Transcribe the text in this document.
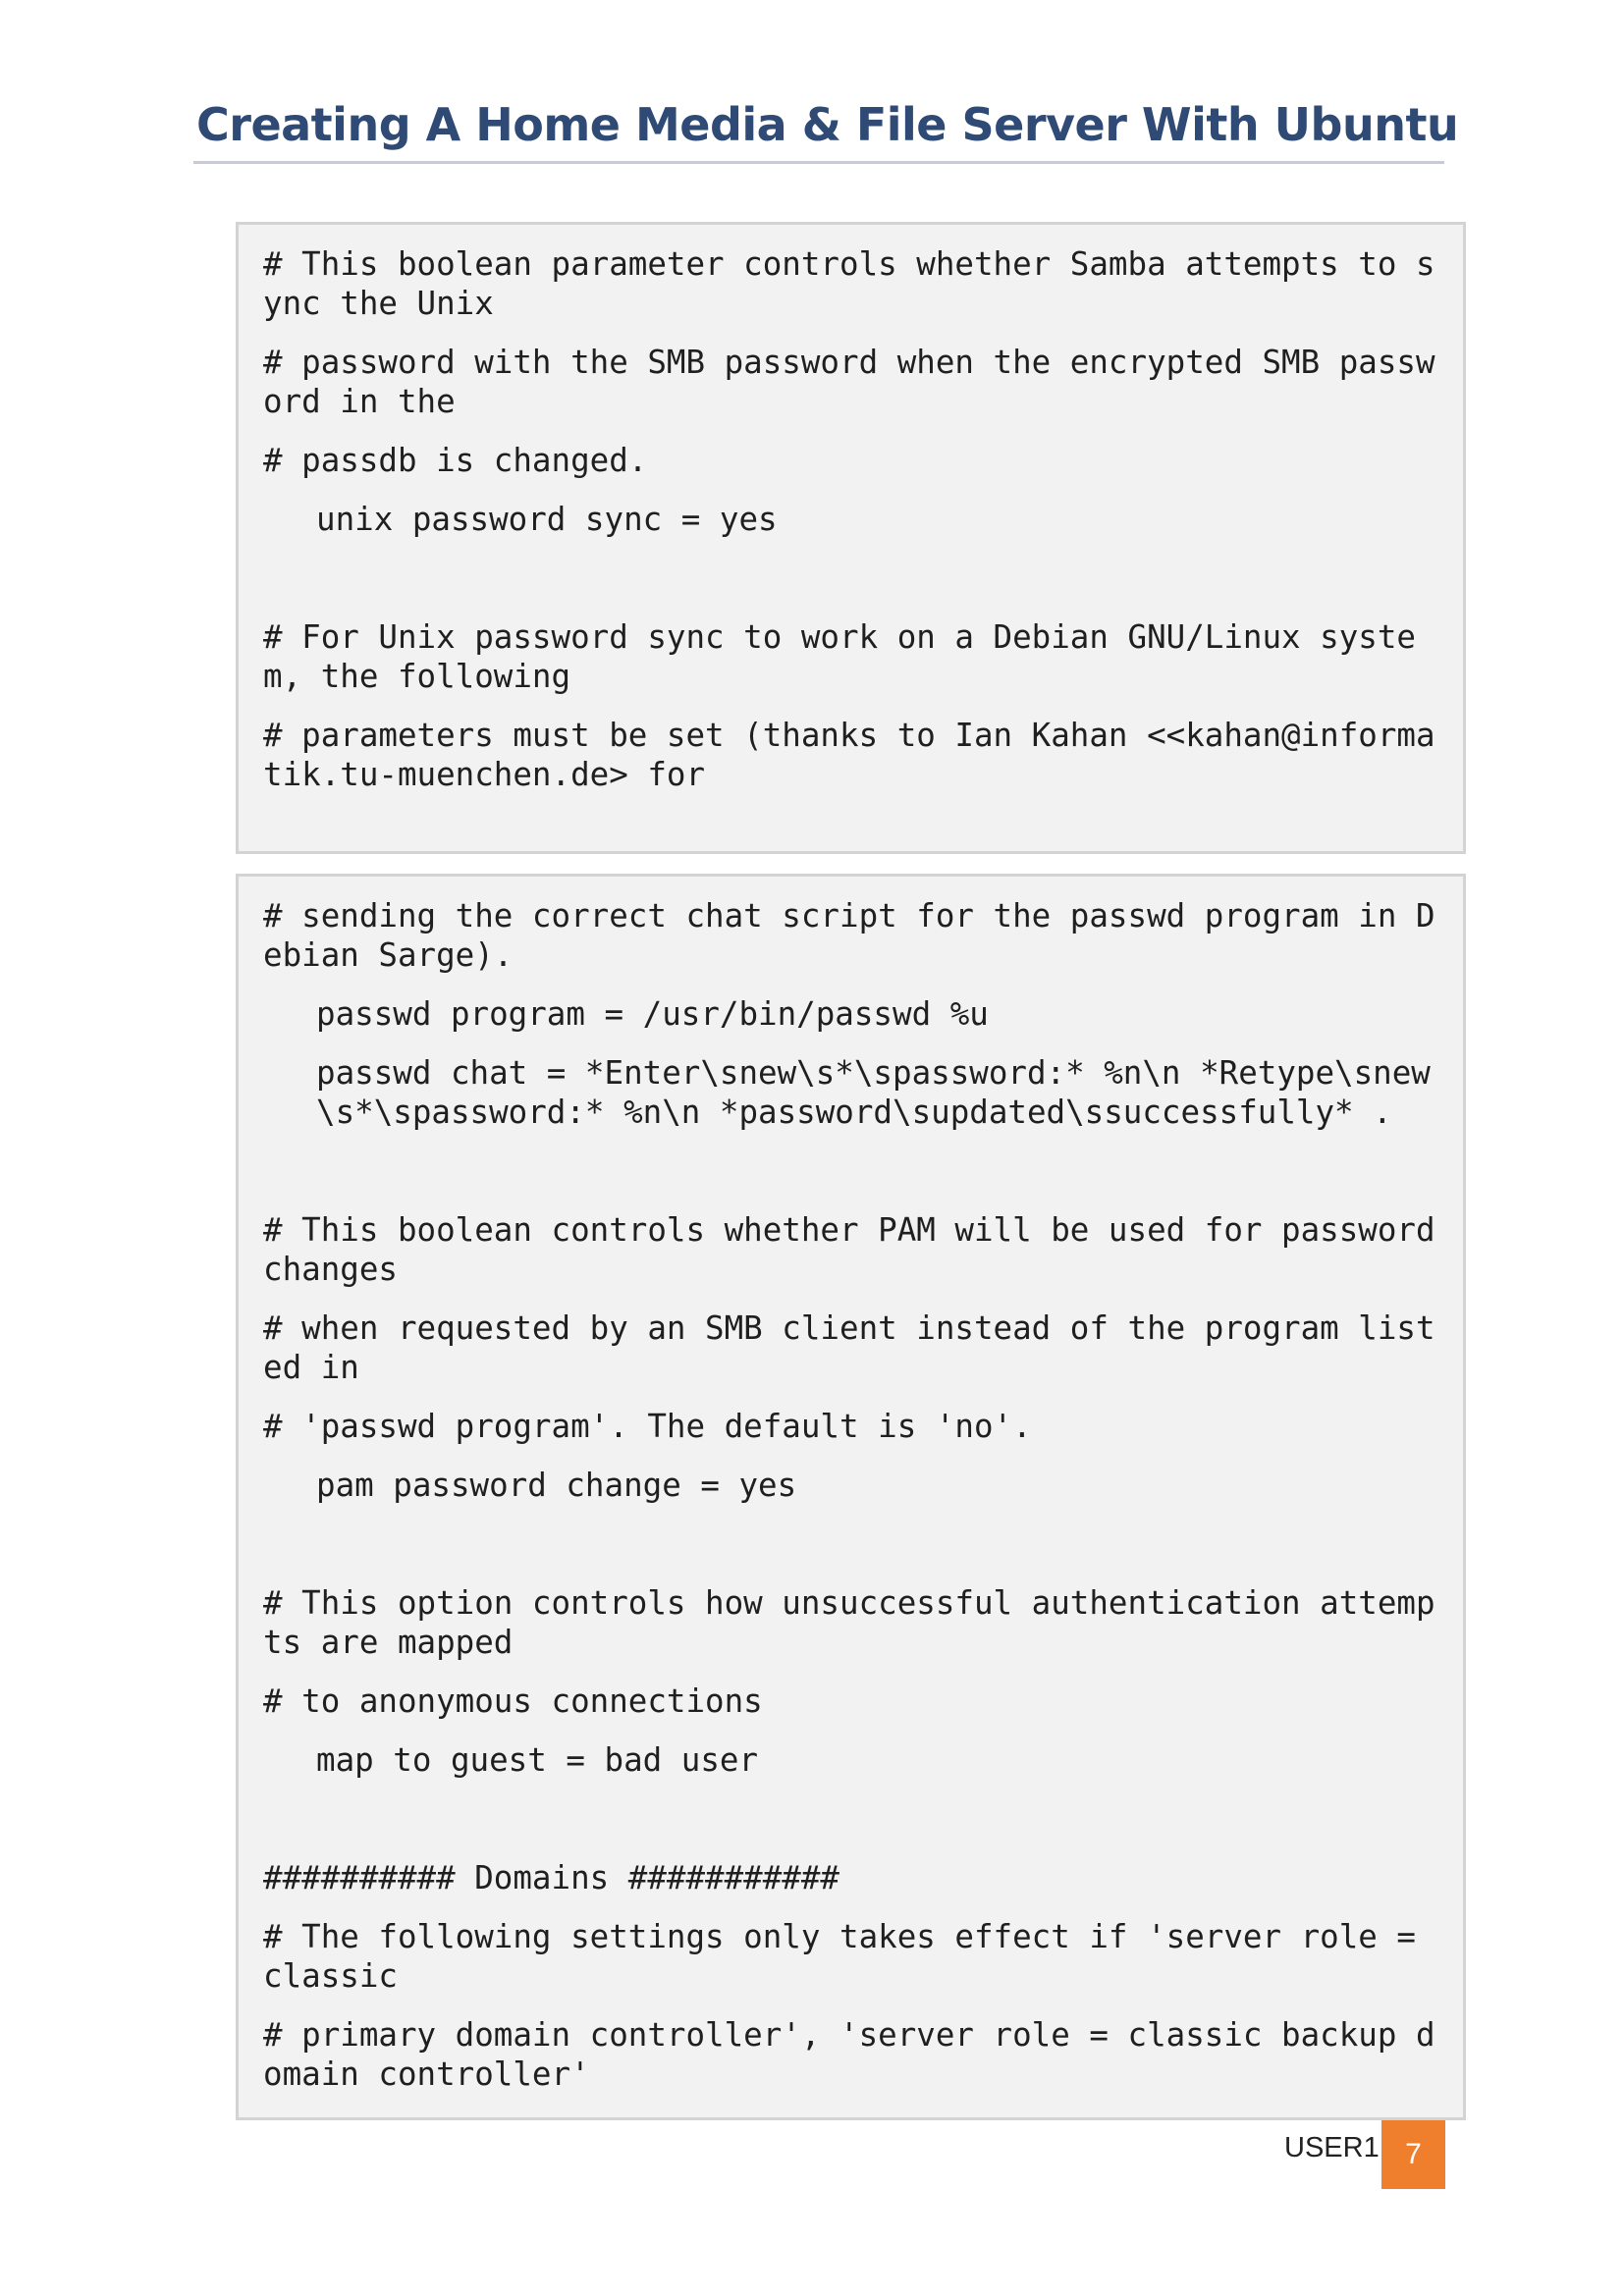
Creating A Home Media & File Server With Ubuntu
# This boolean parameter controls whether Samba attempts to sync the Unix
# password with the SMB password when the encrypted SMB password in the
# passdb is changed.
unix password sync = yes
# For Unix password sync to work on a Debian GNU/Linux system, the following
# parameters must be set (thanks to Ian Kahan <<kahan@informatik.tu-muenchen.de> for
# sending the correct chat script for the passwd program in Debian Sarge).
passwd program = /usr/bin/passwd %u
passwd chat = *Enter\snew\s*\spassword:* %n\n *Retype\snew\s*\spassword:* %n\n *password\supdated\ssuccessfully* .
# This boolean controls whether PAM will be used for password changes
# when requested by an SMB client instead of the program listed in
# 'passwd program'. The default is 'no'.
pam password change = yes
# This option controls how unsuccessful authentication attempts are mapped
# to anonymous connections
map to guest = bad user
########## Domains ###########
# The following settings only takes effect if 'server role = classic
# primary domain controller', 'server role = classic backup domain controller'
USER1 7
